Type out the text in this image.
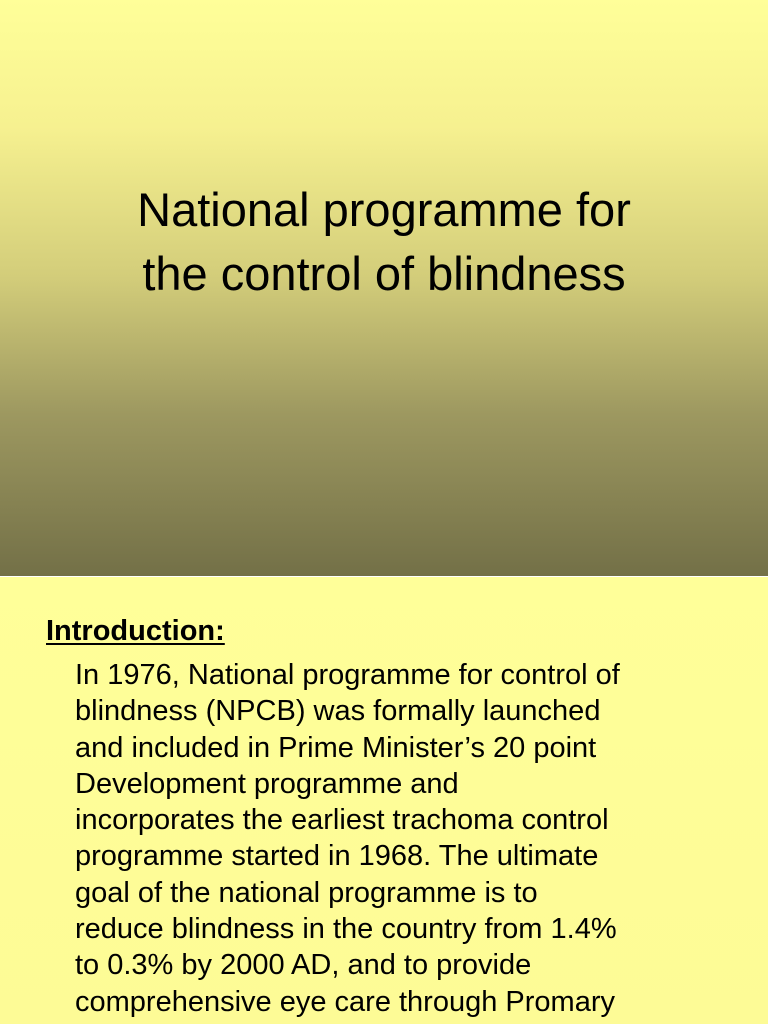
National programme for
the control of blindness
Introduction:

In 1976, National programme for control of
blindness (NPCB) was formally launched
and included in Prime Minister’s 20 point
Development programme and
incorporates the earliest trachoma control
programme started in 1968. The ultimate
goal of the national programme is to
reduce blindness in the country from 1.4%
to 0.3% by 2000 AD, and to provide
comprehensive eye care through Promary
